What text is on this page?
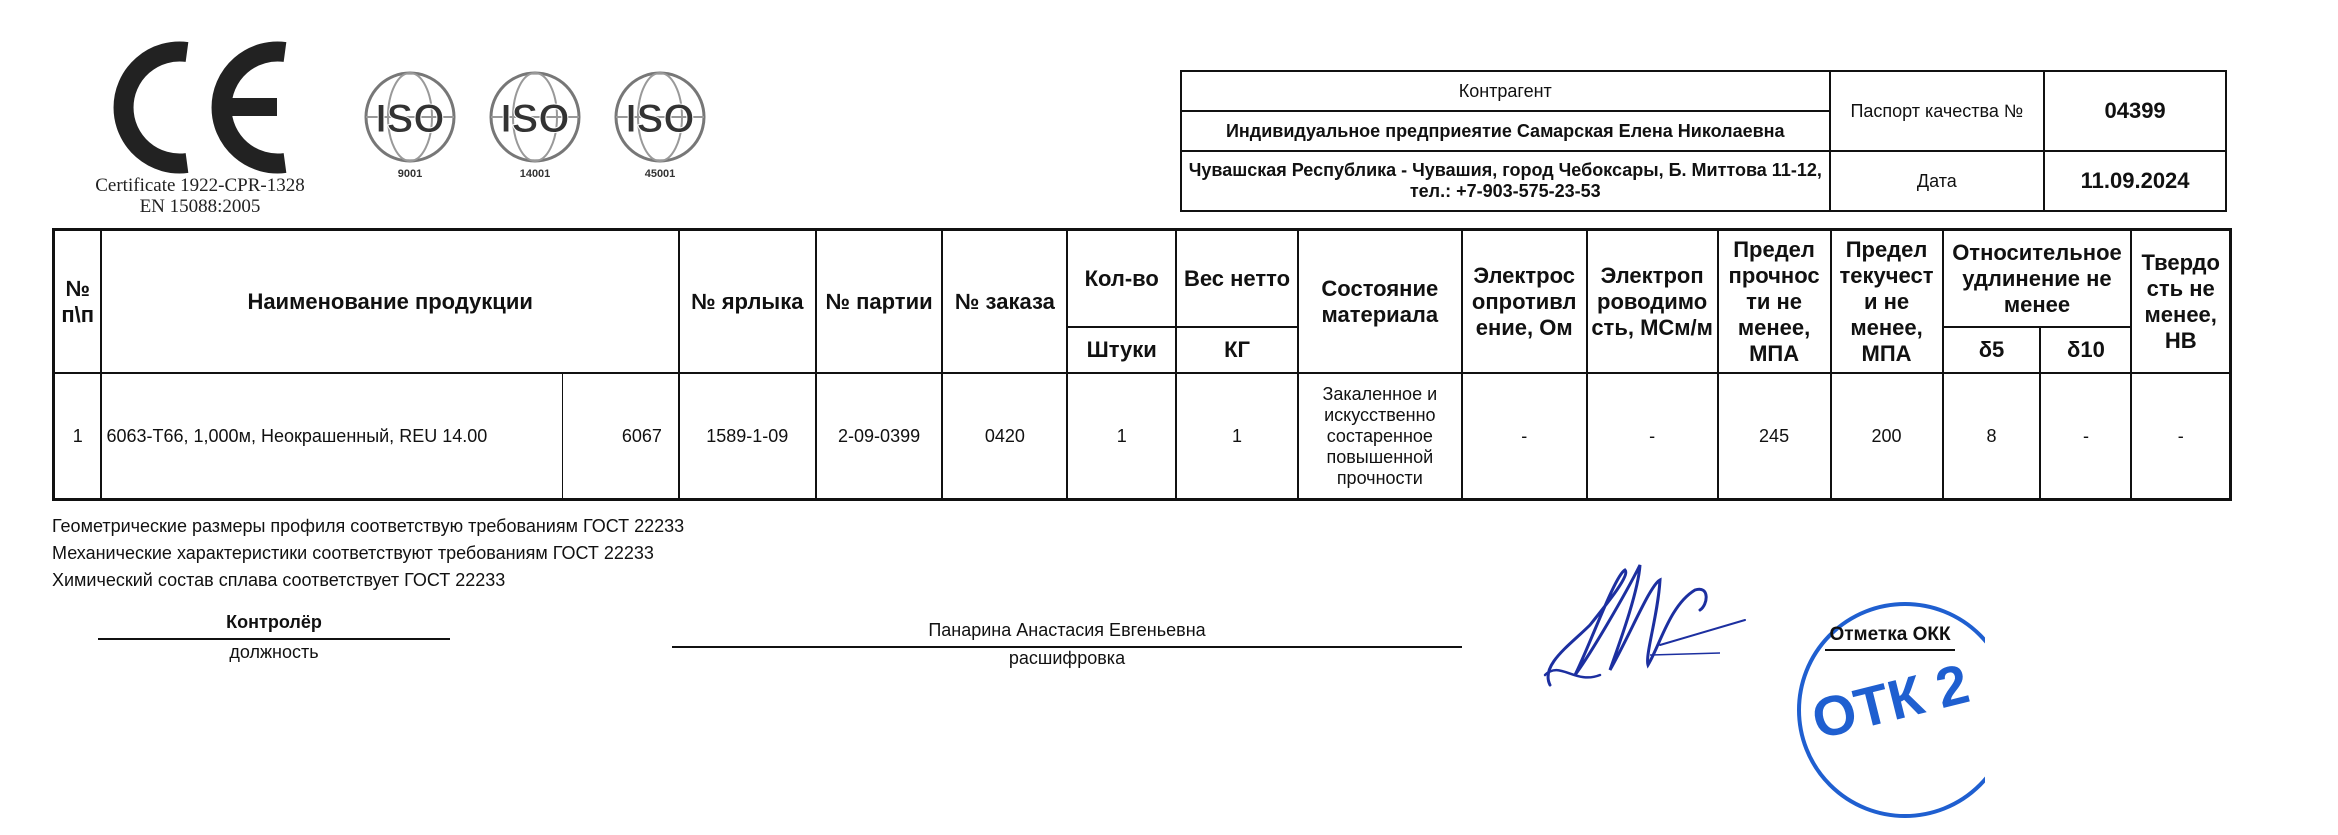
Certificate 1922-CPR-1328
EN 15088:2005
ISO
9001
ISO
14001
ISO
45001
Контрагент	Паспорт качества №	04399
Индивидуальное предприеятие Самарская Елена Николаевна		
Чувашская Республика - Чувашия, город Чебоксары, Б. Миттова 11-12, тел.: +7-903-575-23-53	Дата	11.09.2024
№ п\п	Наименование продукции		№ ярлыка	№ партии	№ заказа	Кол-во	Вес нетто	Состояние материала	Электрос опротивл ение, Ом	Электроп роводимо сть, МСм/м	Предел прочнос ти не менее, МПА	Предел текучест и не менее, МПА	Относительное удлинение не менее		Твердо сть не менее, НВ
						Штуки	КГ						δ5	δ10	
1	6063-Т66, 1,000м, Неокрашенный, REU 14.00	6067	1589-1-09	2-09-0399	0420	1	1	Закаленное и искусственно состаренное повышенной прочности	-	-	245	200	8	-	-
Геометрические размеры профиля соответствую требованиям ГОСТ 22233
Механические характеристики соответствуют требованиям ГОСТ 22233
Химический состав сплава соответствует ГОСТ 22233
Контролёр
должность
Панарина Анастасия Евгеньевна
расшифровка
Отметка ОКК
ОТК 2
